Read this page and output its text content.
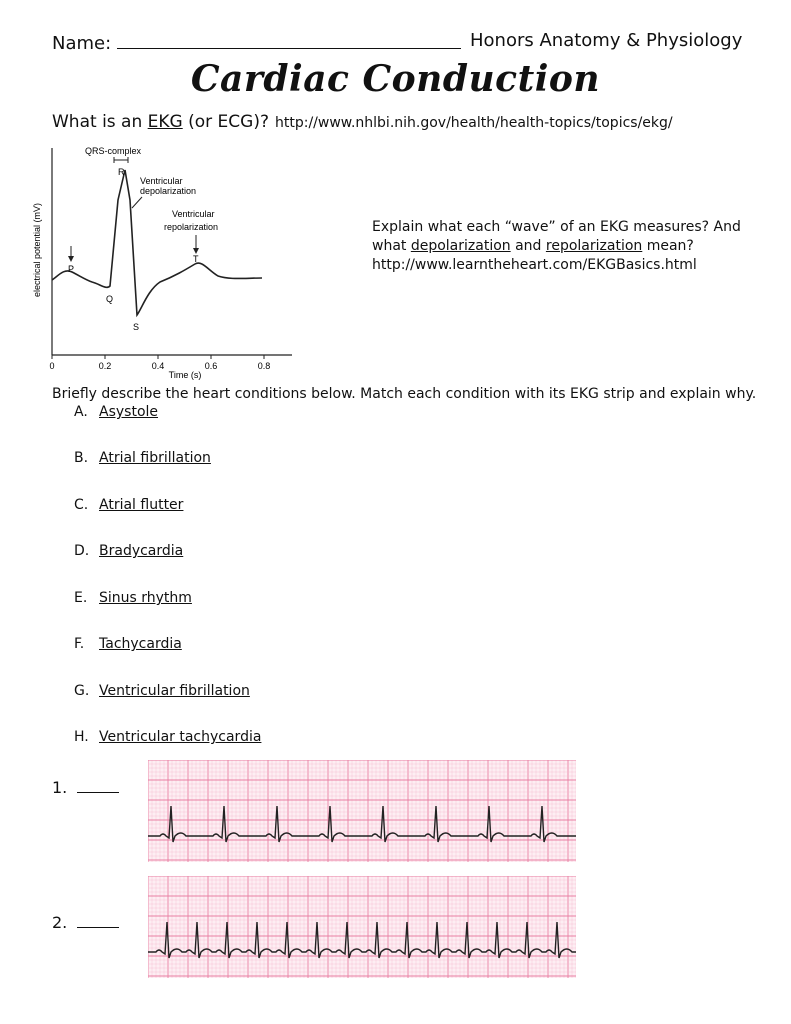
Name:	Honors Anatomy & Physiology
Cardiac Conduction
What is an EKG (or ECG)? http://www.nhlbi.nih.gov/health/health-topics/topics/ekg/
0	0.2	0.4	0.6	0.8
Time (s)
electrical potential (mV)
QRS-complex
R
Ventricular
depolarization
Ventricular
repolarization
T
P
Q
S
Explain what each “wave” of an EKG measures? And
what depolarization and repolarization mean?
http://www.learntheheart.com/EKGBasics.html
Briefly describe the heart conditions below. Match each condition with its EKG strip and explain why.
A. Asystole
B. Atrial fibrillation
C. Atrial flutter
D. Bradycardia
E. Sinus rhythm
F. Tachycardia
G. Ventricular fibrillation
H. Ventricular tachycardia
1.
2.
